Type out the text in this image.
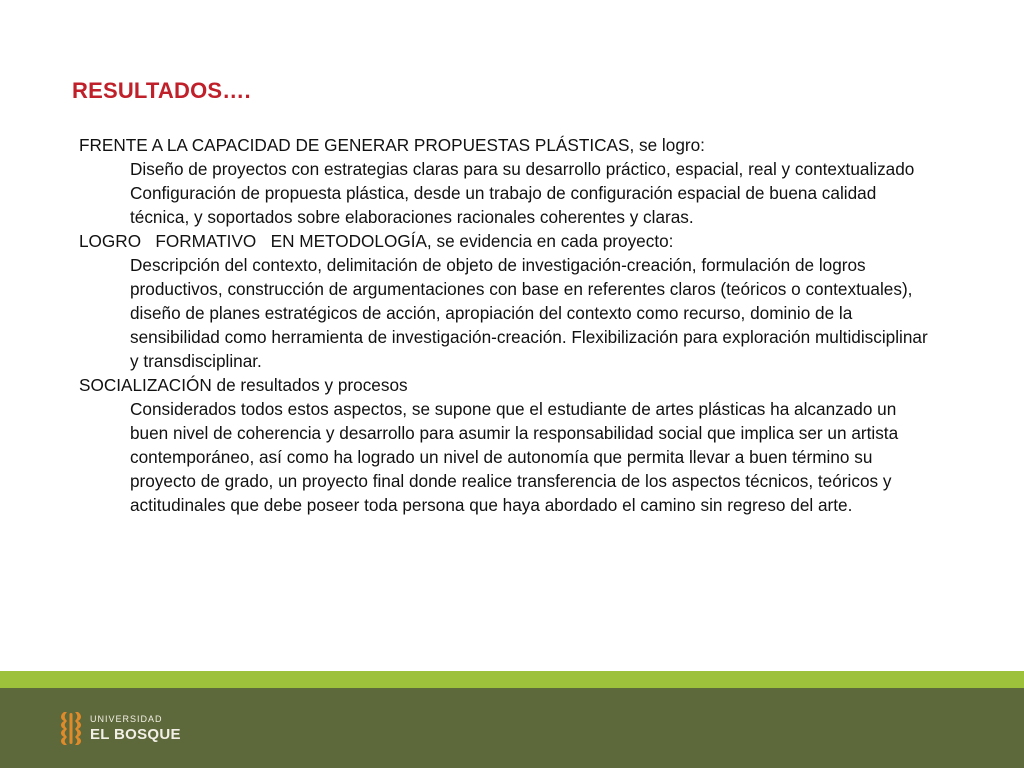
RESULTADOS….

FRENTE A LA CAPACIDAD DE GENERAR PROPUESTAS PLÁSTICAS, se logro:

Diseño de proyectos con estrategias claras para su desarrollo práctico, espacial, real y contextualizado

Configuración de propuesta plástica, desde un trabajo de configuración espacial de buena calidad técnica, y soportados sobre elaboraciones racionales coherentes y claras.

LOGRO   FORMATIVO   EN METODOLOGÍA, se evidencia en cada proyecto:

Descripción del contexto, delimitación de objeto de investigación-creación, formulación de logros productivos, construcción de argumentaciones con base en referentes claros (teóricos o contextuales), diseño de planes estratégicos de acción, apropiación del contexto como recurso, dominio de la sensibilidad como herramienta de investigación-creación. Flexibilización para exploración multidisciplinar y transdisciplinar.

SOCIALIZACIÓN de resultados y procesos

Considerados todos estos aspectos, se supone que el estudiante de artes plásticas ha alcanzado un buen nivel de coherencia y desarrollo para asumir la responsabilidad social que implica ser un artista contemporáneo, así como ha logrado un nivel de autonomía que permita llevar a buen término su proyecto de grado, un proyecto final donde realice transferencia de los aspectos técnicos, teóricos y actitudinales que debe poseer toda persona que haya abordado el camino sin regreso del arte.

UNIVERSIDAD
EL BOSQUE
